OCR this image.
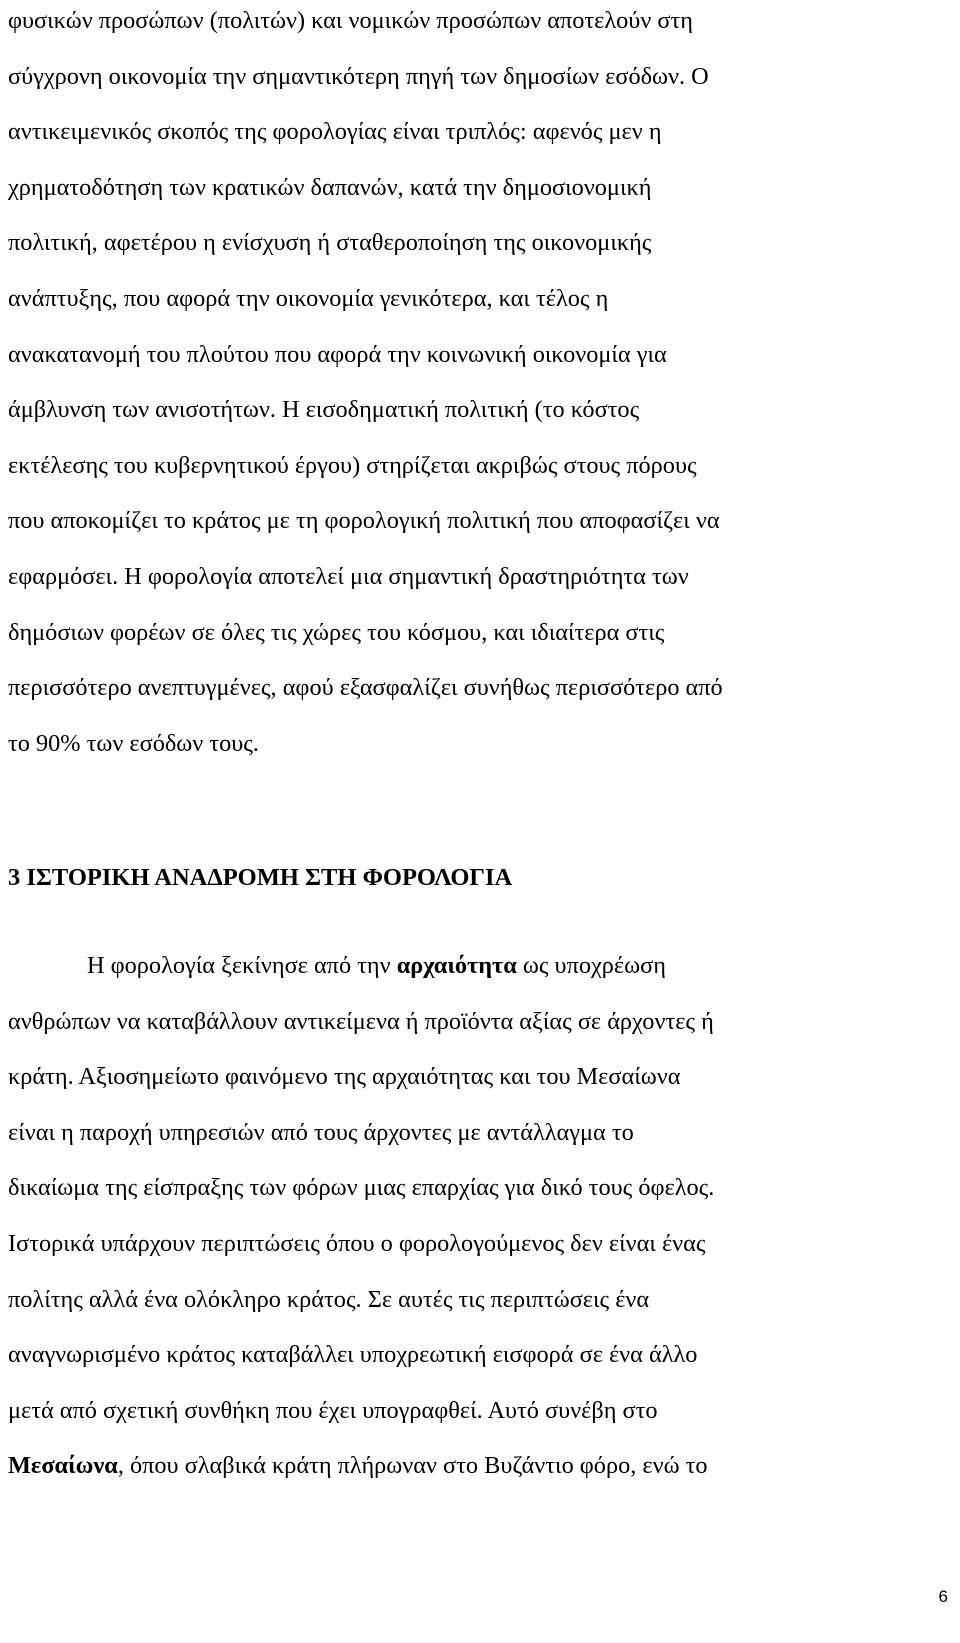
φυσικών προσώπων (πολιτών) και νομικών προσώπων αποτελούν στη
σύγχρονη οικονομία την σημαντικότερη πηγή των δημοσίων εσόδων. Ο
αντικειμενικός σκοπός της φορολογίας είναι τριπλός: αφενός μεν η
χρηματοδότηση των κρατικών δαπανών, κατά την δημοσιονομική
πολιτική, αφετέρου η ενίσχυση ή σταθεροποίηση της οικονομικής
ανάπτυξης, που αφορά την οικονομία γενικότερα, και τέλος η
ανακατανομή του πλούτου που αφορά την κοινωνική οικονομία για
άμβλυνση των ανισοτήτων. Η εισοδηματική πολιτική (το κόστος
εκτέλεσης του κυβερνητικού έργου) στηρίζεται ακριβώς στους πόρους
που αποκομίζει το κράτος με τη φορολογική πολιτική που αποφασίζει να
εφαρμόσει. Η φορολογία αποτελεί μια σημαντική δραστηριότητα των
δημόσιων φορέων σε όλες τις χώρες του κόσμου, και ιδιαίτερα στις
περισσότερο ανεπτυγμένες, αφού εξασφαλίζει συνήθως περισσότερο από
το 90% των εσόδων τους.
3 ΙΣΤΟΡΙΚΗ ΑΝΑΔΡΟΜΗ ΣΤΗ ΦΟΡΟΛΟΓΙΑ
Η φορολογία ξεκίνησε από την αρχαιότητα ως υποχρέωση
ανθρώπων να καταβάλλουν αντικείμενα ή προϊόντα αξίας σε άρχοντες ή
κράτη. Αξιοσημείωτο φαινόμενο της αρχαιότητας και του Μεσαίωνα
είναι η παροχή υπηρεσιών από τους άρχοντες με αντάλλαγμα το
δικαίωμα της είσπραξης των φόρων μιας επαρχίας για δικό τους όφελος.
Ιστορικά υπάρχουν περιπτώσεις όπου ο φορολογούμενος δεν είναι ένας
πολίτης αλλά ένα ολόκληρο κράτος. Σε αυτές τις περιπτώσεις ένα
αναγνωρισμένο κράτος καταβάλλει υποχρεωτική εισφορά σε ένα άλλο
μετά από σχετική συνθήκη που έχει υπογραφθεί. Αυτό συνέβη στο
Μεσαίωνα, όπου σλαβικά κράτη πλήρωναν στο Βυζάντιο φόρο, ενώ το
6
